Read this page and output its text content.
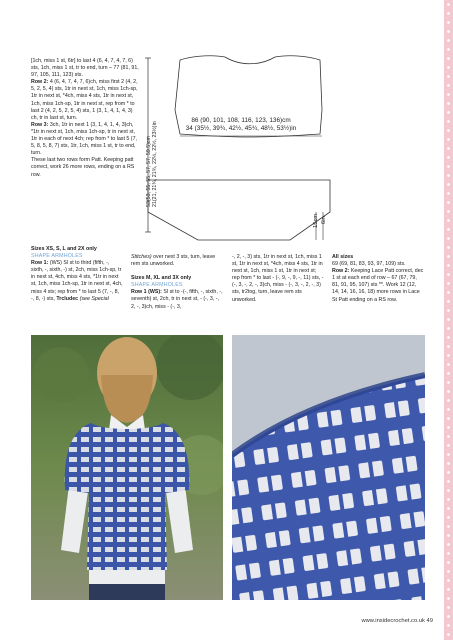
[1ch, miss 1 st, 6tr] to last 4 (6, 4, 7, 4, 7, 6) sts, 1ch, miss 1 st, tr to end, turn – 77 (81, 91, 97, 105, 111, 123) sts.

Row 2: 4 (6, 4, 7, 4, 7, 6)ch, miss first 2 (4, 2, 5, 2, 5, 4) sts, 1tr in next st, 1ch, miss 1ch-sp, 1tr in next st, *4ch, miss 4 sts, 1tr in next st, 1ch, miss 1ch-sp, 1tr in next st, rep from * to last 2 (4, 2, 5, 2, 5, 4) sts, 1 (3, 1, 4, 1, 4, 3) ch, tr in last st, turn.

Row 3: 3ch, 1tr in next 1 (3, 1, 4, 1, 4, 3)ch, *1tr in next st, 1ch, miss 1ch-sp, tr in next st, 1tr in each of next 4ch; rep from * to last 5 (7, 5, 8, 5, 8, 7) sts, 1tr, 1ch, miss 1 st, tr to end, turn.

These last two rows form Patt. Keeping patt correct, work 26 more rows, ending on a RS row.

86 (90, 101, 108, 116, 123, 136)cm
34 (35½, 39¾, 42½, 45¾, 48½, 53½)in
53(53, 55, 55, 57, 57, 59.5)cm 21(21, 21¾, 21¾, 22½, 22½, 23½)in
15cm 6in

Sizes XS, S, L and 2X only

SHAPE ARMHOLES

Row 1: (WS) Sl st to third (fifth, -, sixth, -, sixth, -) st, 2ch, miss 1ch-sp, tr in next st, 4ch, miss 4 sts, *1tr in next st, 1ch, miss 1ch-sp, 1tr in next st, 4ch, miss 4 sts; rep from * to last 5 (7, -, 8, -, 8, -) sts, Trcludec (see Special

Stitches) over next 3 sts, turn, leave rem sts unworked.

Sizes M, XL and 3X only

SHAPE ARMHOLES

Row 1 (WS): Sl st to -(-, fifth, -, sixth, -, seventh) st, 2ch, tr in next st, - (-, 3, -, 2, -, 3)ch, miss - (-, 3,

-, 2, -, 3) sts, 1tr in next st, 1ch, miss 1 st, 1tr in next st, *4ch, miss 4 sts, 1tr in next st, 1ch, miss 1 st, 1tr in next st; rep from * to last - (-, 9, -, 9, -, 11) sts, - (-, 3, -, 2, -, 3)ch, miss - (-, 3, -, 2, -, 3) sts, tr2tog, turn, leave rem sts unworked.

All sizes

69 (69, 81, 83, 93, 97, 109) sts.

Row 2: Keeping Lace Patt correct, dec 1 st at each end of row – 67 (67, 79, 81, 91, 95, 107) sts **. Work 12 (12, 14, 14, 16, 16, 18) more rows in Lace St Patt ending on a RS row.

www.insidecrochet.co.uk 49
